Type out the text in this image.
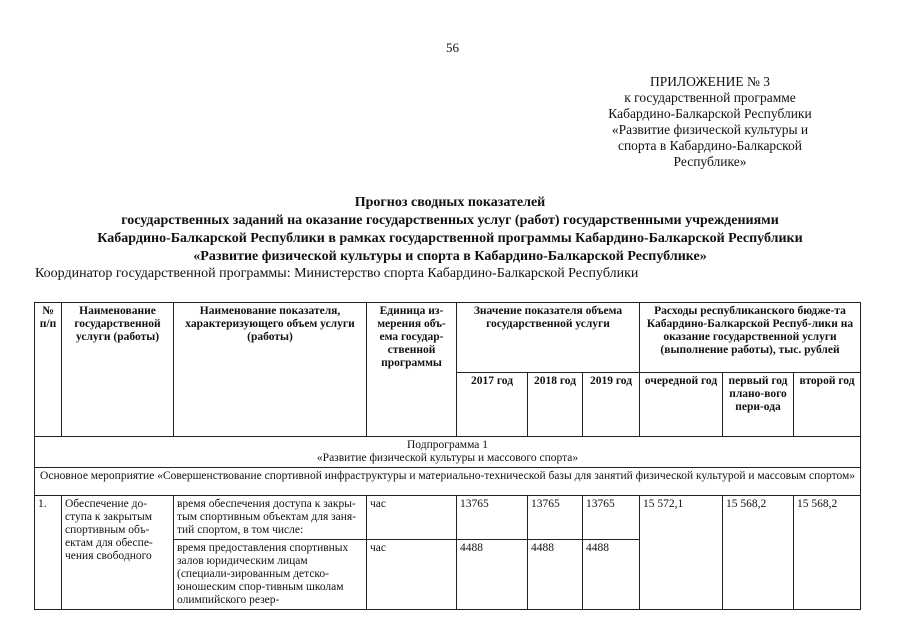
56
ПРИЛОЖЕНИЕ № 3
к государственной программе
Кабардино-Балкарской Республики
«Развитие физической культуры и
спорта в Кабардино-Балкарской
Республике»
Прогноз сводных показателей
государственных заданий на оказание государственных услуг (работ) государственными учреждениями
Кабардино-Балкарской Республики в рамках государственной программы Кабардино-Балкарской Республики
«Развитие физической культуры и спорта в Кабардино-Балкарской Республике»
Координатор государственной программы: Министерство спорта Кабардино-Балкарской Республики
№ п/п	Наименование государственной услуги (работы)	Наименование показателя, характеризующего объем услуги (работы)	Единица из-мерения объ-ема государ-ственной программы	Значение показателя объема государственной услуги			Расходы республиканского бюдже-та Кабардино-Балкарской Респуб-лики на оказание государственной услуги (выполнение работы), тыс. рублей		
				2017 год	2018 год	2019 год	очередной год	первый год плано-вого пери-ода	второй год

Подпрограмма 1
«Развитие физической культуры и массового спорта»									

Основное мероприятие «Совершенствование спортивной инфраструктуры и материально-технической базы для занятий физической культурой и массовым спортом»									
1.	Обеспечение до-ступа к закрытым спортивным объ-ектам для обеспе-чения свободного	время обеспечения доступа к закры-тым спортивным объектам для заня-тий спортом, в том числе:	час	13765	13765	13765	15 572,1	15 568,2	15 568,2
		время предоставления спортивных залов юридическим лицам (специали-зированным детско-юношеским спор-тивным школам олимпийского резер-	час	4488	4488	4488			
